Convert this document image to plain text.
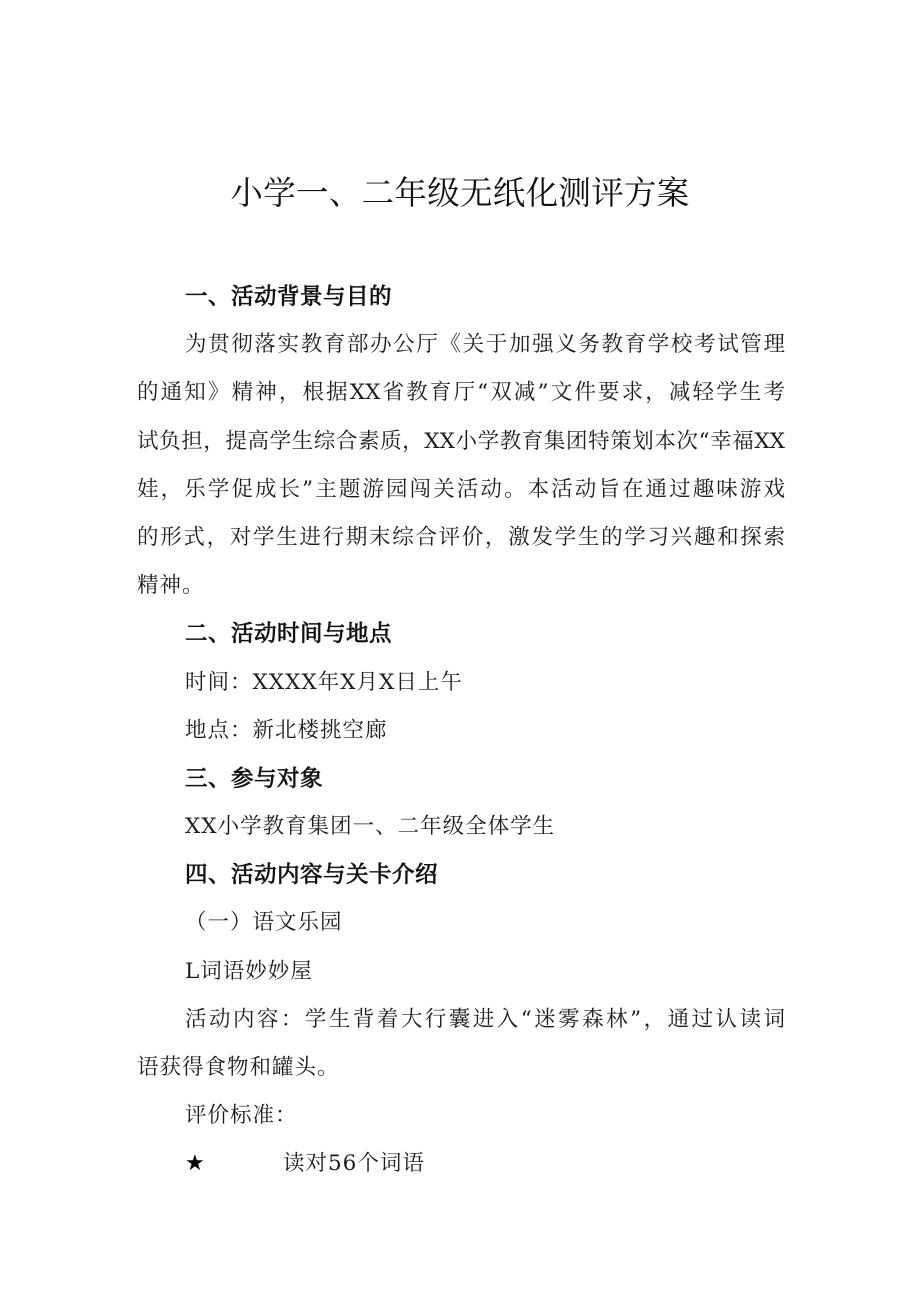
小学一、二年级无纸化测评方案
一、活动背景与目的
为贯彻落实教育部办公厅《关于加强义务教育学校考试管理
的通知》精神，根据XX省教育厅“双减”文件要求，减轻学生考
试负担，提高学生综合素质，XX小学教育集团特策划本次“幸福XX
娃，乐学促成长”主题游园闯关活动。本活动旨在通过趣味游戏
的形式，对学生进行期末综合评价，激发学生的学习兴趣和探索
精神。
二、活动时间与地点
时间：XXXX年X月X日上午
地点：新北楼挑空廊
三、参与对象
XX小学教育集团一、二年级全体学生
四、活动内容与关卡介绍
（一）语文乐园
L词语妙妙屋
活动内容：学生背着大行囊进入“迷雾森林”，通过认读词
语获得食物和罐头。
评价标准：
★	读对56个词语
